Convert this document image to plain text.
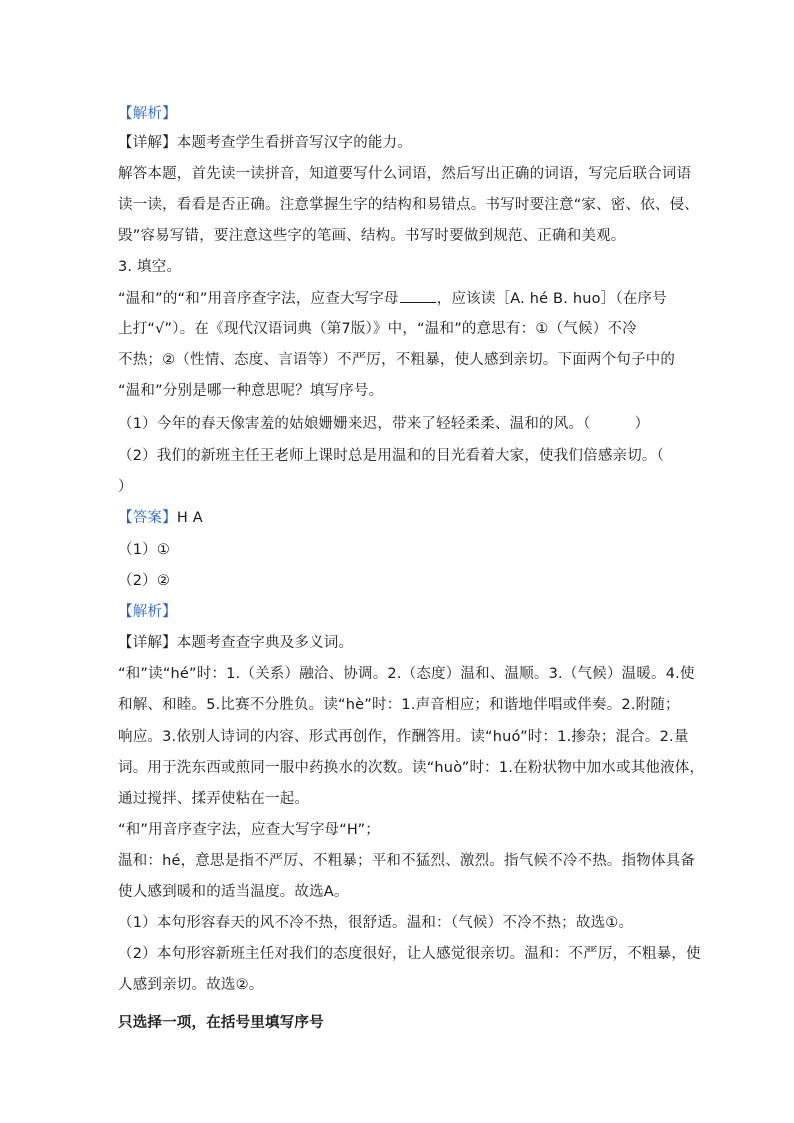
【解析】
【详解】本题考查学生看拼音写汉字的能力。
解答本题，首先读一读拼音，知道要写什么词语，然后写出正确的词语，写完后联合词语
读一读，看看是否正确。注意掌握生字的结构和易错点。书写时要注意“家、密、依、侵、
毁”容易写错，要注意这些字的笔画、结构。书写时要做到规范、正确和美观。
3. 填空。
“温和”的“和”用音序查字法，应查大写字母	，应该读［A. hé B. huo］（在序号
上打“√”）。在《现代汉语词典（第7版）》中，“温和”的意思有：①（气候）不冷
不热；②（性情、态度、言语等）不严厉，不粗暴，使人感到亲切。下面两个句子中的
“温和”分别是哪一种意思呢？填写序号。
（1）今年的春天像害羞的姑娘姗姗来迟，带来了轻轻柔柔、温和的风。（	）
（2）我们的新班主任王老师上课时总是用温和的目光看着大家，使我们倍感亲切。（
）
【答案】H A
（1）①
（2）②
【解析】
【详解】本题考查查字典及多义词。
“和”读“hé”时：1.（关系）融洽、协调。2.（态度）温和、温顺。3.（气候）温暖。4.使
和解、和睦。5.比赛不分胜负。读“hè”时：1.声音相应；和谐地伴唱或伴奏。2.附随；
响应。3.依别人诗词的内容、形式再创作，作酬答用。读“huó”时：1.掺杂；混合。2.量
词。用于洗东西或煎同一服中药换水的次数。读“huò”时：1.在粉状物中加水或其他液体，
通过搅拌、揉弄使粘在一起。
“和”用音序查字法，应查大写字母“H”；
温和：hé，意思是指不严厉、不粗暴；平和不猛烈、激烈。指气候不冷不热。指物体具备
使人感到暖和的适当温度。故选A。
（1）本句形容春天的风不冷不热，很舒适。温和：（气候）不冷不热；故选①。
（2）本句形容新班主任对我们的态度很好，让人感觉很亲切。温和：不严厉，不粗暴，使
人感到亲切。故选②。
只选择一项，在括号里填写序号
